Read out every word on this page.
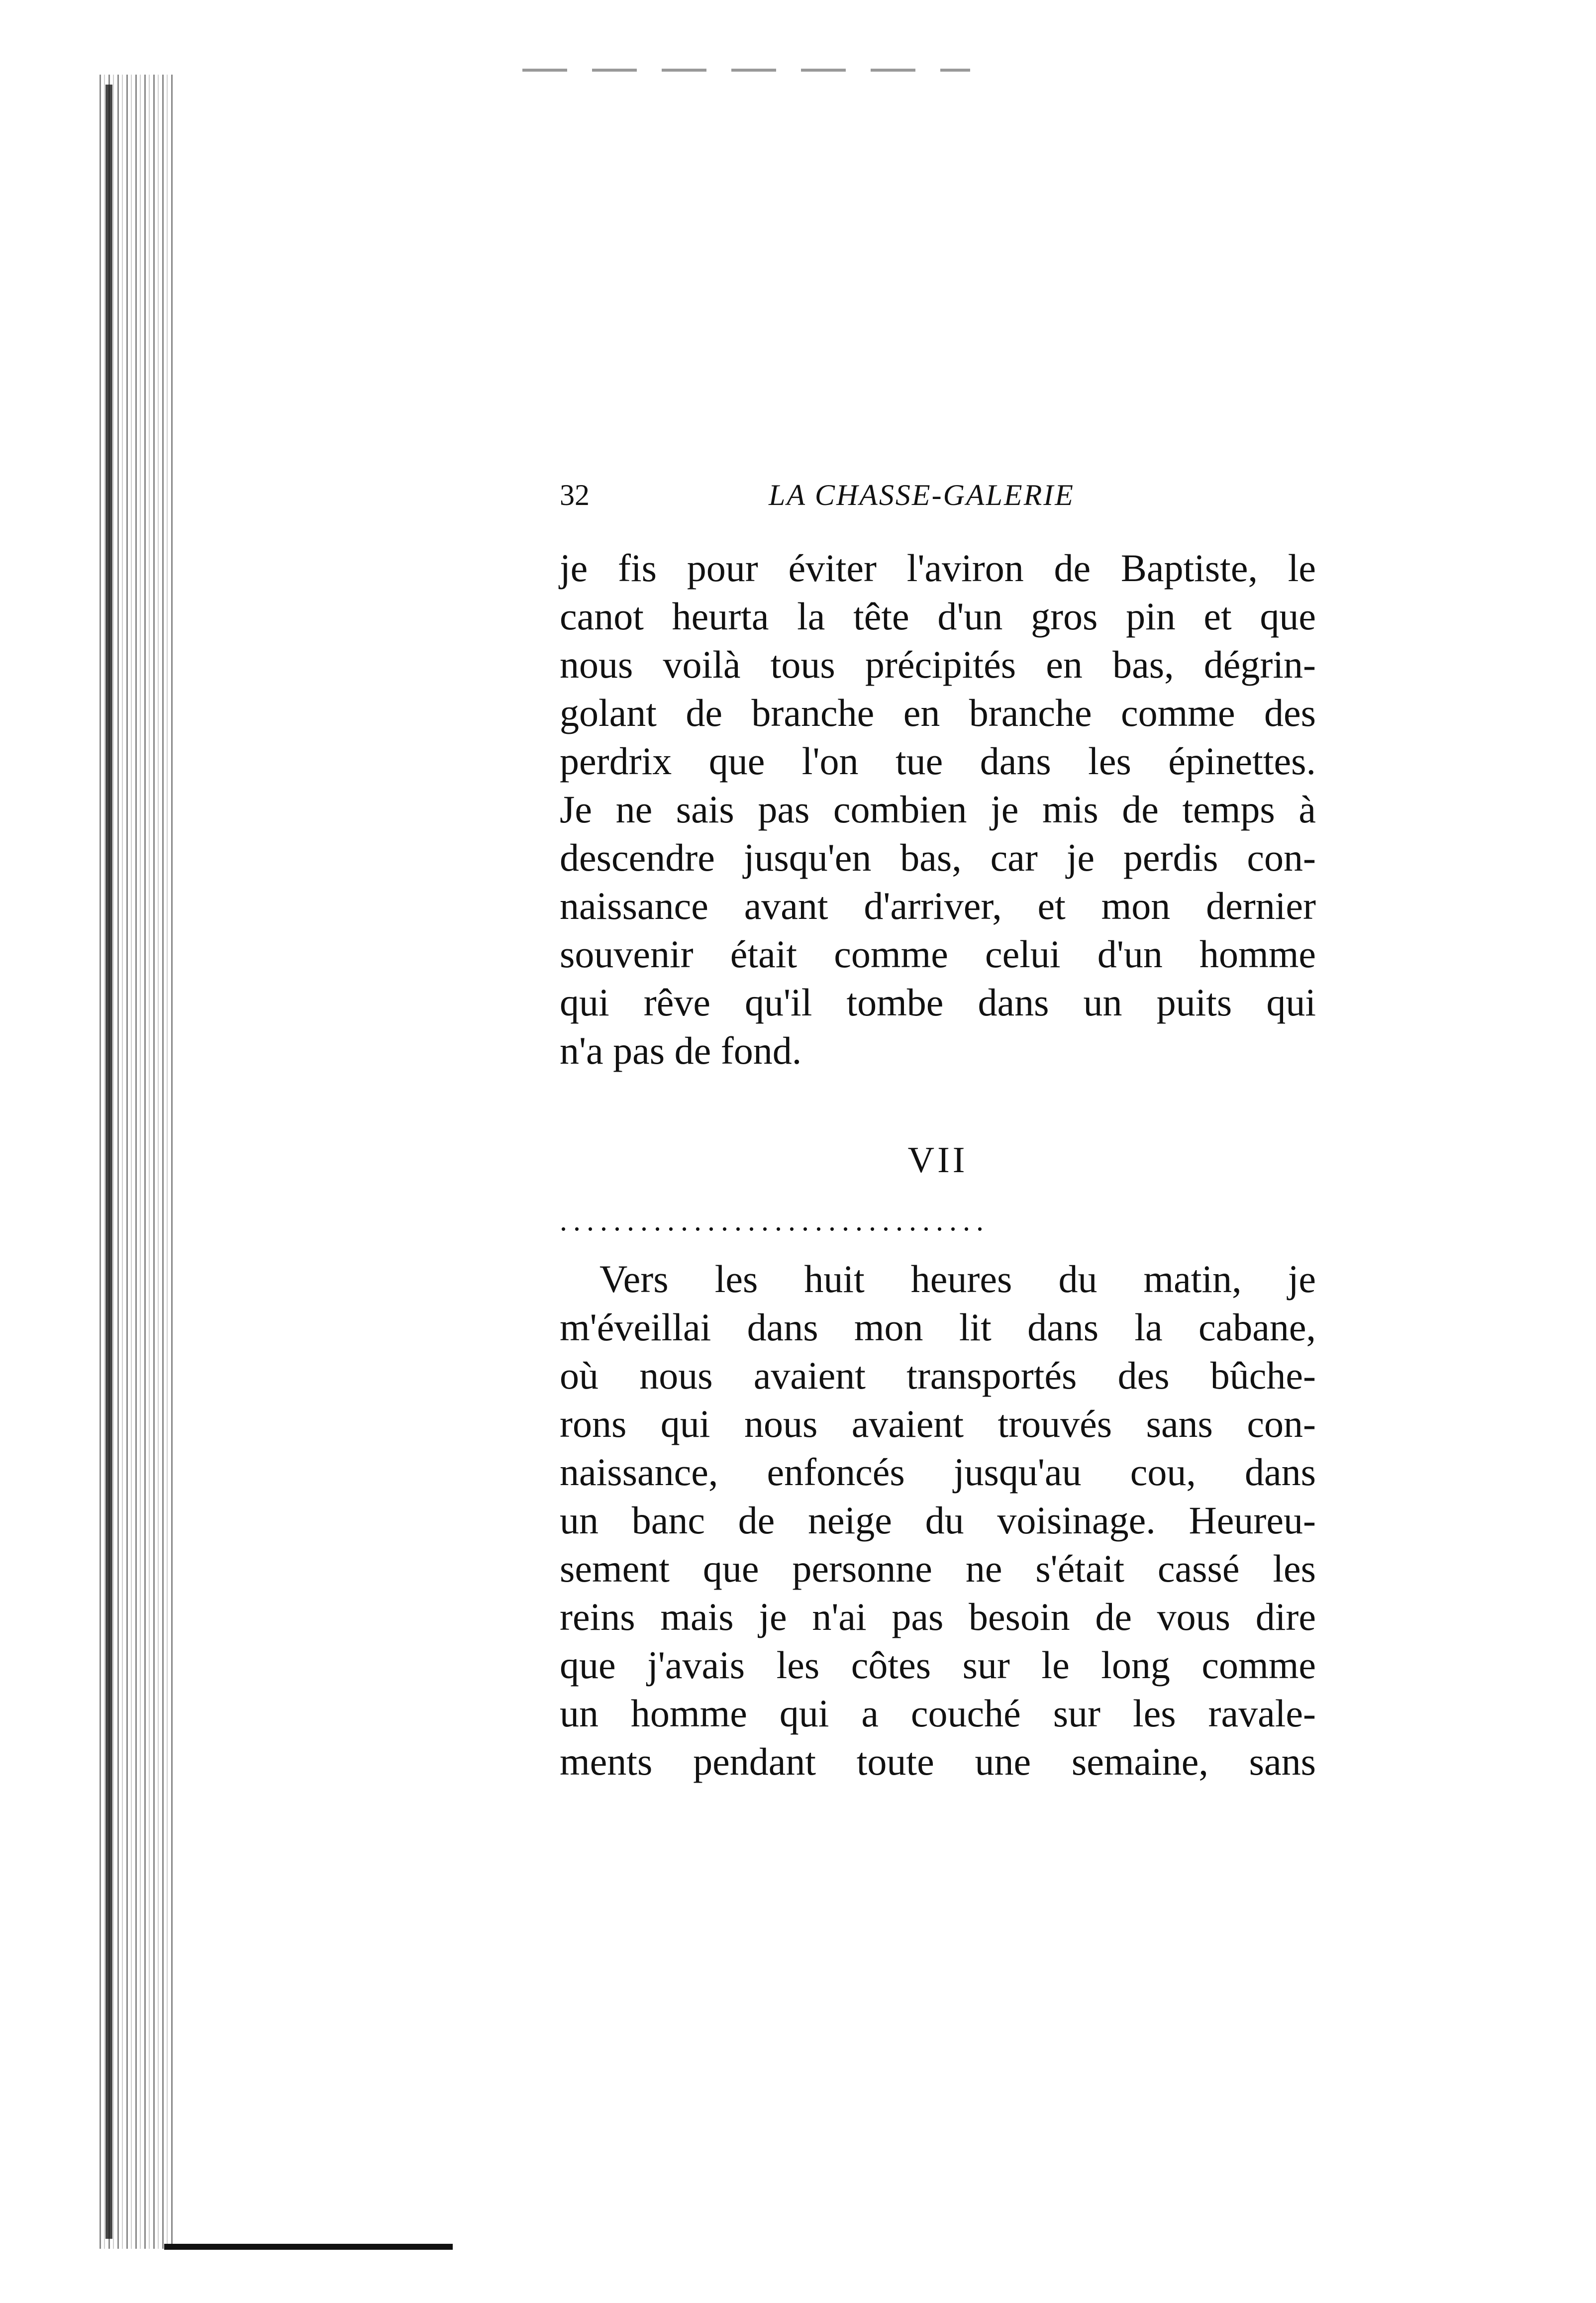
32	LA CHASSE-GALERIE
je fis pour éviter l'aviron de Baptiste, le
canot heurta la tête d'un gros pin et que
nous voilà tous précipités en bas, dégrin-
golant de branche en branche comme des
perdrix que l'on tue dans les épinettes.
Je ne sais pas combien je mis de temps à
descendre jusqu'en bas, car je perdis con-
naissance avant d'arriver, et mon dernier
souvenir était comme celui d'un homme
qui rêve qu'il tombe dans un puits qui
n'a pas de fond.
VII
................................
Vers les huit heures du matin, je
m'éveillai dans mon lit dans la cabane,
où nous avaient transportés des bûche-
rons qui nous avaient trouvés sans con-
naissance, enfoncés jusqu'au cou, dans
un banc de neige du voisinage. Heureu-
sement que personne ne s'était cassé les
reins mais je n'ai pas besoin de vous dire
que j'avais les côtes sur le long comme
un homme qui a couché sur les ravale-
ments pendant toute une semaine, sans
